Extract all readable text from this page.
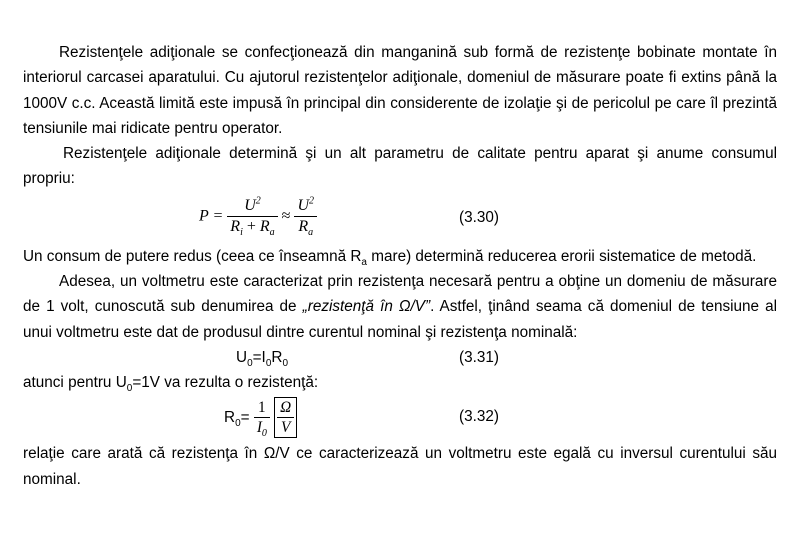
Rezistenţele adiţionale se confecţionează din manganină sub formă de rezistenţe bobinate montate în interiorul carcasei aparatului. Cu ajutorul rezistenţelor adiţionale, domeniul de măsurare poate fi extins până la 1000V c.c. Această limită este impusă în principal din considerente de izolaţie şi de pericolul pe care îl prezintă tensiunile mai ridicate pentru operator.

Rezistenţele adiţionale determină şi un alt parametru de calitate pentru aparat şi anume consumul propriu:

$P = \frac{U^2}{R_i + R_a} \approx \frac{U^2}{R_a}$	(3.30)

Un consum de putere redus (ceea ce înseamnă $R_a$ mare) determină reducerea erorii sistematice de metodă.

Adesea, un voltmetru este caracterizat prin rezistenţa necesară pentru a obţine un domeniu de măsurare de 1 volt, cunoscută sub denumirea de „rezistenţă în Ω/V”. Astfel, ţinând seama că domeniul de tensiune al unui voltmetru este dat de produsul dintre curentul nominal şi rezistenţa nominală:

$U_0=I_0R_0$	(3.31)

atunci pentru $U_0=1V$ va rezulta o rezistenţă:

$R_0= \frac{1}{I_0}$
$\frac{\Omega}{V}$	(3.32)

relaţie care arată că rezistenţa în Ω/V ce caracterizează un voltmetru este egală cu inversul curentului său nominal.
